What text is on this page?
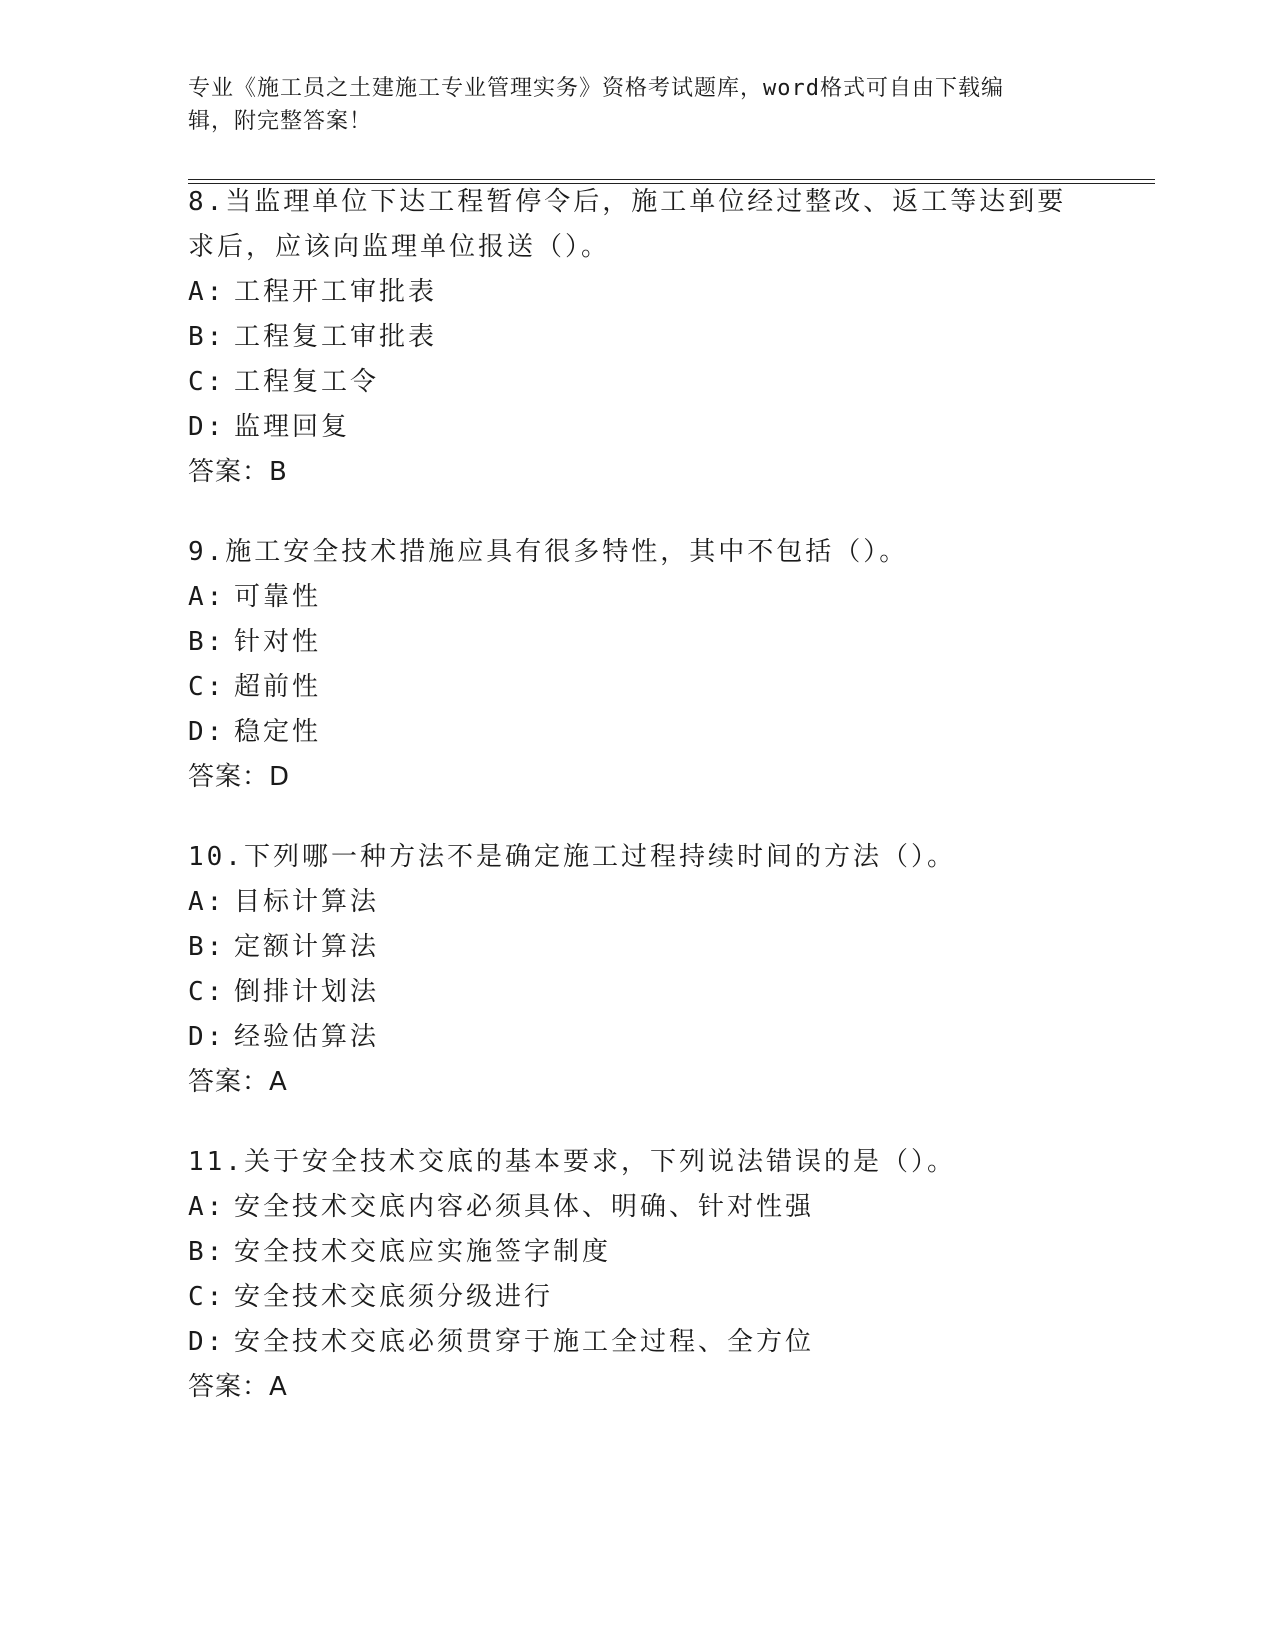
专业《施工员之土建施工专业管理实务》资格考试题库，word格式可自由下载编
辑，附完整答案！

8.当监理单位下达工程暂停令后，施工单位经过整改、返工等达到要求后，应该向监理单位报送（）。

A: 工程开工审批表

B: 工程复工审批表

C: 工程复工令

D: 监理回复

答案：B

9.施工安全技术措施应具有很多特性，其中不包括（）。

A: 可靠性

B: 针对性

C: 超前性

D: 稳定性

答案：D

10.下列哪一种方法不是确定施工过程持续时间的方法（）。

A: 目标计算法

B: 定额计算法

C: 倒排计划法

D: 经验估算法

答案：A

11.关于安全技术交底的基本要求，下列说法错误的是（）。

A: 安全技术交底内容必须具体、明确、针对性强

B: 安全技术交底应实施签字制度

C: 安全技术交底须分级进行

D: 安全技术交底必须贯穿于施工全过程、全方位

答案：A
